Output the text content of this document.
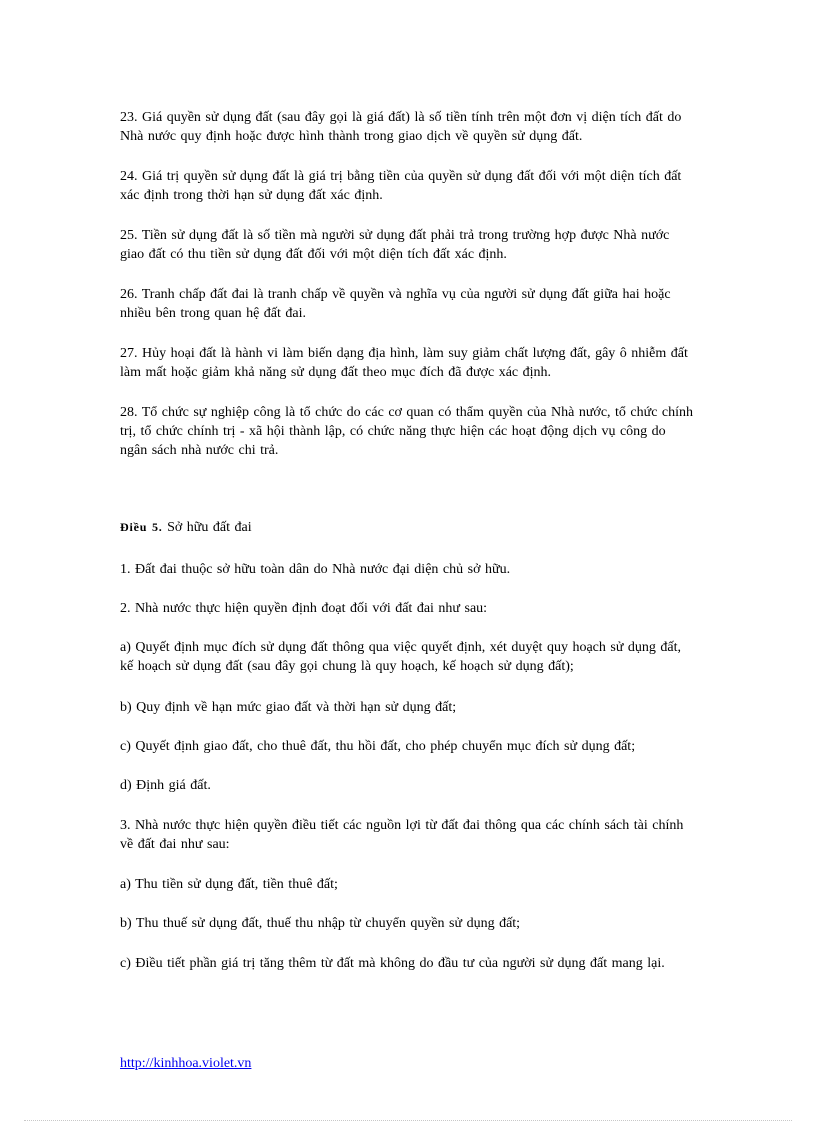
23. Giá quyền sử dụng đất (sau đây gọi là giá đất) là số tiền tính trên một đơn vị diện tích đất do Nhà nước quy định hoặc được hình thành trong giao dịch về quyền sử dụng đất.

24. Giá trị quyền sử dụng đất là giá trị bằng tiền của quyền sử dụng đất đối với một diện tích đất xác định trong thời hạn sử dụng đất xác định.

25. Tiền sử dụng đất là số tiền mà người sử dụng đất phải trả trong trường hợp được Nhà nước giao đất có thu tiền sử dụng đất đối với một diện tích đất xác định.

26. Tranh chấp đất đai là tranh chấp về quyền và nghĩa vụ của người sử dụng đất giữa hai hoặc nhiều bên trong quan hệ đất đai.

27. Hủy hoại đất là hành vi làm biến dạng địa hình, làm suy giảm chất lượng đất, gây ô nhiễm đất làm mất hoặc giảm khả năng sử dụng đất theo mục đích đã được xác định.

28. Tổ chức sự nghiệp công là tổ chức do các cơ quan có thẩm quyền của Nhà nước, tổ chức chính trị, tổ chức chính trị - xã hội thành lập, có chức năng thực hiện các hoạt động dịch vụ công do ngân sách nhà nước chi trả.

Điều 5. Sở hữu đất đai

1. Đất đai thuộc sở hữu toàn dân do Nhà nước đại diện chủ sở hữu.

2. Nhà nước thực hiện quyền định đoạt đối với đất đai như sau:

a) Quyết định mục đích sử dụng đất thông qua việc quyết định, xét duyệt quy hoạch sử dụng đất, kế hoạch sử dụng đất (sau đây gọi chung là quy hoạch, kế hoạch sử dụng đất);

b) Quy định về hạn mức giao đất và thời hạn sử dụng đất;

c) Quyết định giao đất, cho thuê đất, thu hồi đất, cho phép chuyển mục đích sử dụng đất;

d) Định giá đất.

3. Nhà nước thực hiện quyền điều tiết các nguồn lợi từ đất đai thông qua các chính sách tài chính về đất đai như sau:

a) Thu tiền sử dụng đất, tiền thuê đất;

b) Thu thuế sử dụng đất, thuế thu nhập từ chuyển quyền sử dụng đất;

c) Điều tiết phần giá trị tăng thêm từ đất mà không do đầu tư của người sử dụng đất mang lại.

http://kinhhoa.violet.vn
